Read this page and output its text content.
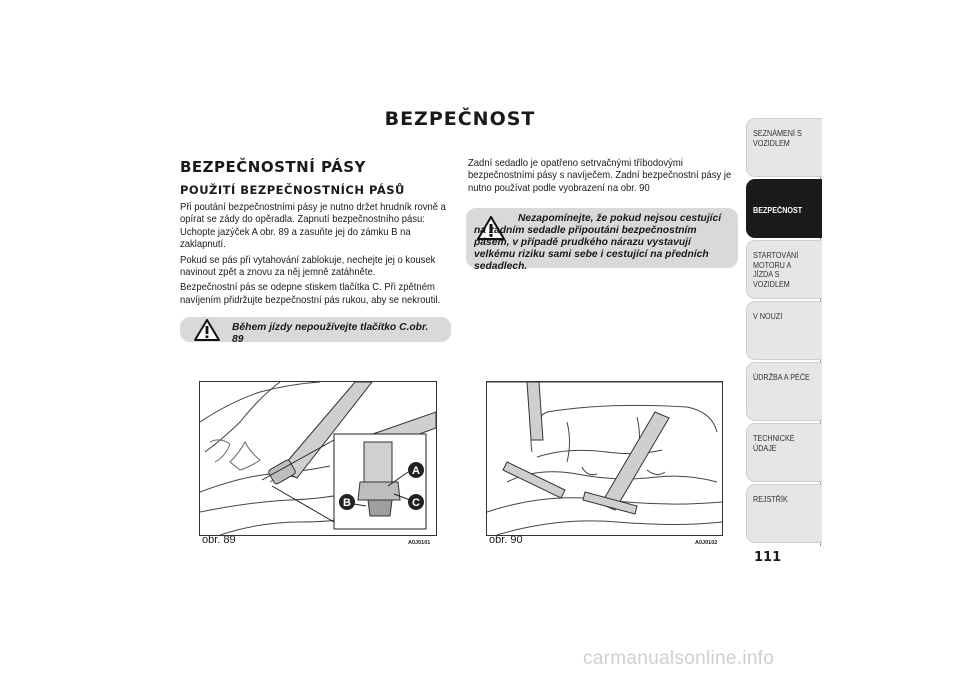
BEZPEČNOST
BEZPEČNOSTNÍ PÁSY
POUŽITÍ BEZPEČNOSTNÍCH PÁSŮ

Při poutání bezpečnostními pásy je nutno držet hrudník rovně a opírat se zády do opěradla. Zapnutí bezpečnostního pásu: Uchopte jazýček A obr. 89 a zasuňte jej do zámku B na zaklapnutí.

Pokud se pás při vytahování zablokuje, nechejte jej o kousek navinout zpět a znovu za něj jemně zatáhněte.

Bezpečnostní pás se odepne stiskem tlačítka C. Při zpětném navíjením přidržujte bezpečnostní pás rukou, aby se nekroutil.

Během jízdy nepoužívejte tlačítko C.obr. 89

Zadní sedadlo je opatřeno setrvačnými tříbodovými bezpečnostními pásy s navíječem. Zadní bezpečnostní pásy je nutno používat podle vyobrazení na obr. 90

Nezapomínejte, že pokud nejsou cestující na zadním sedadle připoutáni bezpečnostním pásem, v případě prudkého nárazu vystavují velkému riziku sami sebe i cestující na předních sedadlech.
A
B	C
obr. 89	A0J0101	obr. 90	A0J0102
SEZNÁMENÍ S VOZIDLEM
BEZPEČNOST
STARTOVÁNÍ MOTORU A JÍZDA S VOZIDLEM
V NOUZI
ÚDRŽBA A PÉČE
TECHNICKÉ ÚDAJE
REJSTŘÍK
111
carmanualsonline.info
